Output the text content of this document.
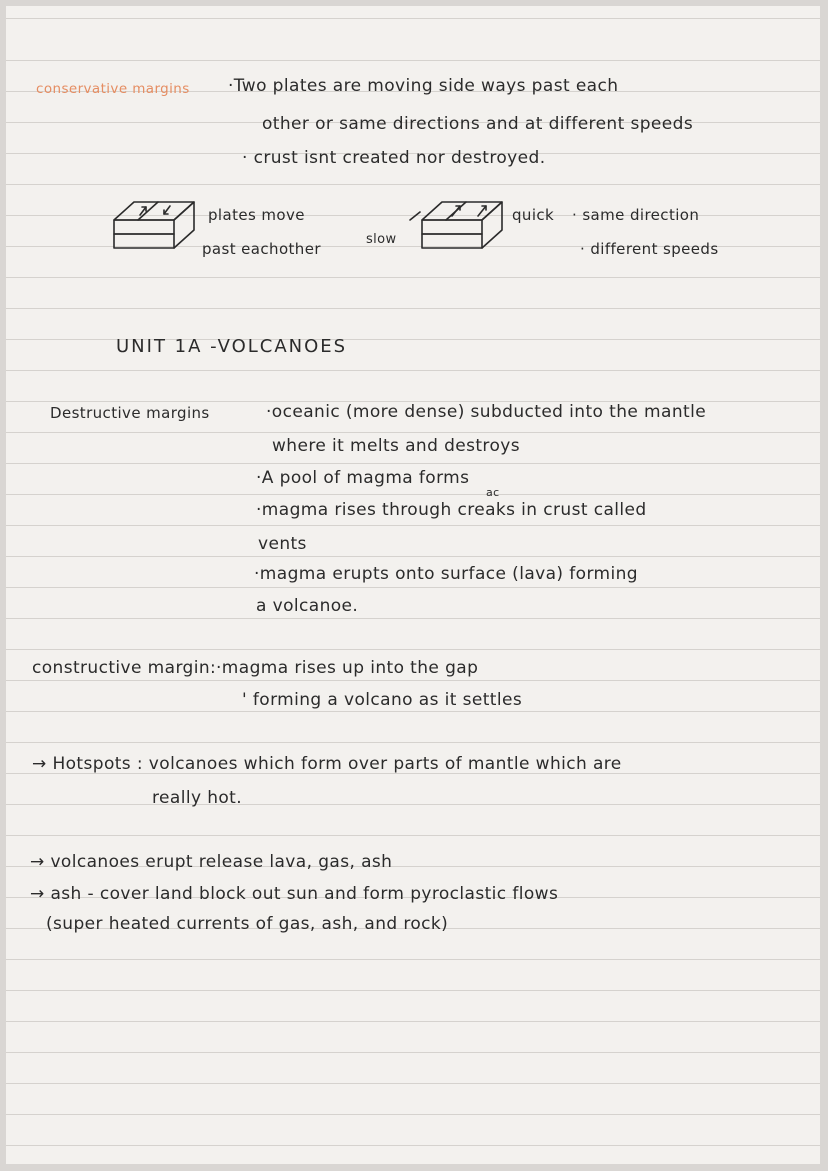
conservative margins ·Two plates are moving side ways past each
other or same directions and at different speeds
· crust isnt created nor destroyed.
plates move
past eachother
slow
quick · same direction
· different speeds
UNIT 1A -VOLCANOES
Destructive margins	·oceanic (more dense) subducted into the mantle
where it melts and destroys
·A pool of magma forms
ac
·magma rises through creaks in crust called
vents
·magma erupts onto surface (lava) forming
a volcanoe.
constructive margin: ·magma rises up into the gap
' forming a volcano as it settles
→ Hotspots : volcanoes which form over parts of mantle which are
really hot.
→ volcanoes erupt release lava, gas, ash
→ ash - cover land block out sun and form pyroclastic flows
(super heated currents of gas, ash, and rock)
